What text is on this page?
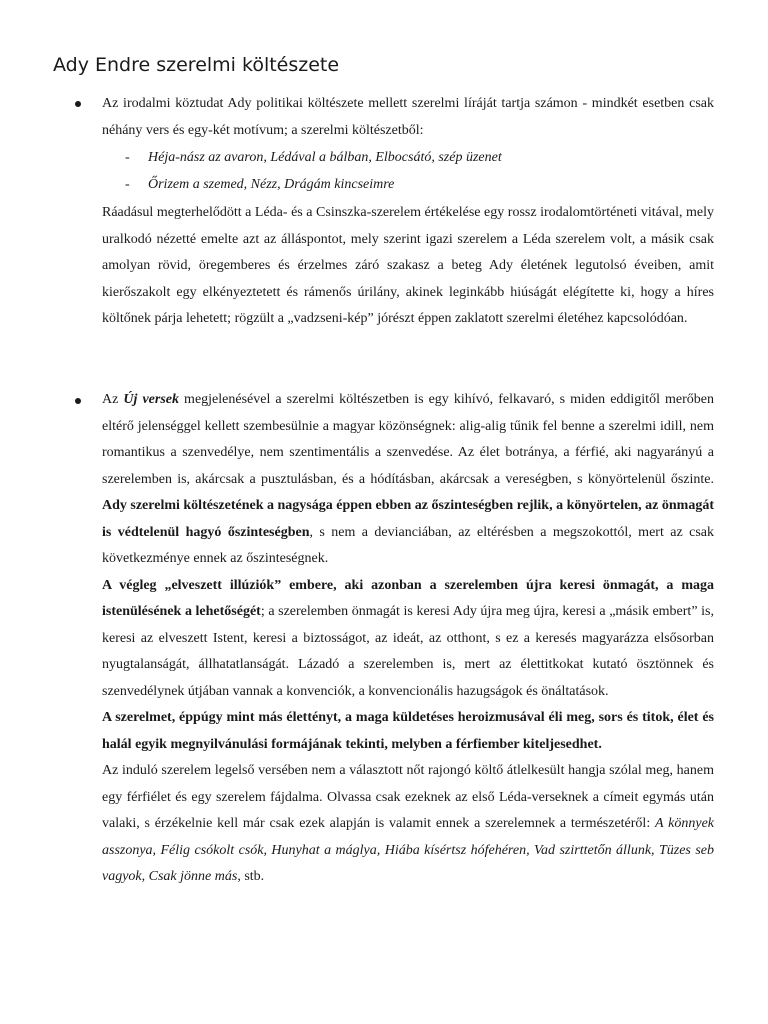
Ady Endre szerelmi költészete

Az irodalmi köztudat Ady politikai költészete mellett szerelmi líráját tartja számon - mindkét esetben csak néhány vers és egy-két motívum; a szerelmi költészetből:

- Héja-nász az avaron, Lédával a bálban, Elbocsátó, szép üzenet
- Őrizem a szemed, Nézz, Drágám kincseimre

Ráadásul megterhelődött a Léda- és a Csinszka-szerelem értékelése egy rossz irodalomtörténeti vitával, mely uralkodó nézetté emelte azt az álláspontot, mely szerint igazi szerelem a Léda szerelem volt, a másik csak amolyan rövid, öregemberes és érzelmes záró szakasz a beteg Ady életének legutolsó éveiben, amit kierőszakolt egy elkényeztetett és rámenős úrilány, akinek leginkább hiúságát elégítette ki, hogy a híres költőnek párja lehetett; rögzült a „vadzseni-kép” jórészt éppen zaklatott szerelmi életéhez kapcsolódóan.

Az Új versek megjelenésével a szerelmi költészetben is egy kihívó, felkavaró, s miden eddigitől merőben eltérő jelenséggel kellett szembesülnie a magyar közönségnek: alig-alig tűnik fel benne a szerelmi idill, nem romantikus a szenvedélye, nem szentimentális a szenvedése. Az élet botránya, a férfié, aki nagyarányú a szerelemben is, akárcsak a pusztulásban, és a hódításban, akárcsak a vereségben, s könyörtelenül őszinte. Ady szerelmi költészetének a nagysága éppen ebben az őszinteségben rejlik, a könyörtelen, az önmagát is védtelenül hagyó őszinteségben, s nem a devianciában, az eltérésben a megszokottól, mert az csak következménye ennek az őszinteségnek.

A végleg „elveszett illúziók” embere, aki azonban a szerelemben újra keresi önmagát, a maga istenülésének a lehetőségét; a szerelemben önmagát is keresi Ady újra meg újra, keresi a „másik embert” is, keresi az elveszett Istent, keresi a biztosságot, az ideát, az otthont, s ez a keresés magyarázza elsősorban nyugtalanságát, állhatatlanságát. Lázadó a szerelemben is, mert az élettitkokat kutató ösztönnek és szenvedélynek útjában vannak a konvenciók, a konvencionális hazugságok és önáltatások.

A szerelmet, éppúgy mint más élettényt, a maga küldetéses heroizmusával éli meg, sors és titok, élet és halál egyik megnyilvánulási formájának tekinti, melyben a férfiember kiteljesedhet.

Az induló szerelem legelső versében nem a választott nőt rajongó költő átlelkesült hangja szólal meg, hanem egy férfiélet és egy szerelem fájdalma. Olvassa csak ezeknek az első Léda-verseknek a címeit egymás után valaki, s érzékelnie kell már csak ezek alapján is valamit ennek a szerelemnek a természetéről: A könnyek asszonya, Félig csókolt csók, Hunyhat a máglya, Hiába kísértsz hófehéren, Vad szirttetőn állunk, Tüzes seb vagyok, Csak jönne más, stb.
